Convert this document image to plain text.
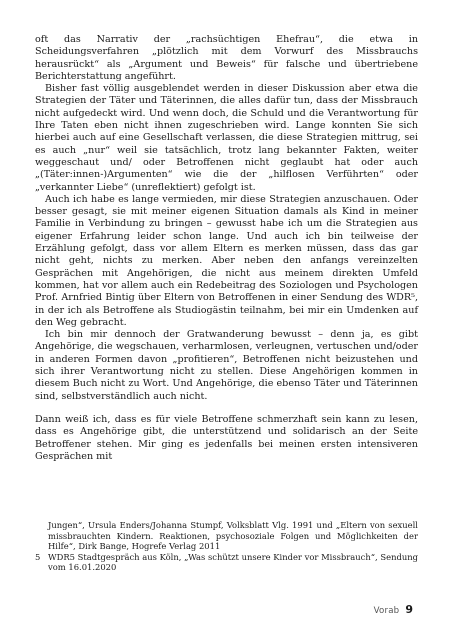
oft das Narrativ der „rachsüchtigen Ehefrau“, die etwa in Scheidungsverfahren „plötzlich mit dem Vorwurf des Missbrauchs herausrückt“ als „Argument und Beweis“ für falsche und übertriebene Berichterstattung angeführt.

Bisher fast völlig ausgeblendet werden in dieser Diskussion aber etwa die Strategien der Täter und Täterinnen, die alles dafür tun, dass der Missbrauch nicht aufgedeckt wird. Und wenn doch, die Schuld und die Verantwortung für Ihre Taten eben nicht ihnen zugeschrieben wird. Lange konnten Sie sich hierbei auch auf eine Gesellschaft verlassen, die diese Strategien mittrug, sei es auch „nur“ weil sie tatsächlich, trotz lang bekannter Fakten, weiter weggeschaut und/ oder Betroffenen nicht geglaubt hat oder auch „(Täter:innen-)Argumenten“ wie die der „hilflosen Verführten“ oder „verkannter Liebe“ (unreflektiert) gefolgt ist.

Auch ich habe es lange vermieden, mir diese Strategien anzuschauen. Oder besser gesagt, sie mit meiner eigenen Situation damals als Kind in meiner Familie in Verbindung zu bringen – gewusst habe ich um die Strategien aus eigener Erfahrung leider schon lange. Und auch ich bin teilweise der Erzählung gefolgt, dass vor allem Eltern es merken müssen, dass das gar nicht geht, nichts zu merken. Aber neben den anfangs vereinzelten Gesprächen mit Angehörigen, die nicht aus meinem direkten Umfeld kommen, hat vor allem auch ein Redebeitrag des Soziologen und Psychologen Prof. Arnfried Bintig über Eltern von Betroffenen in einer Sendung des WDR⁵, in der ich als Betroffene als Studiogästin teilnahm, bei mir ein Umdenken auf den Weg gebracht.

Ich bin mir dennoch der Gratwanderung bewusst – denn ja, es gibt Angehörige, die wegschauen, verharmlosen, verleugnen, vertuschen und/oder in anderen Formen davon „profitieren“, Betroffenen nicht beizustehen und sich ihrer Verantwortung nicht zu stellen. Diese Angehörigen kommen in diesem Buch nicht zu Wort. Und Angehörige, die ebenso Täter und Täterinnen sind, selbstverständlich auch nicht.

Dann weiß ich, dass es für viele Betroffene schmerzhaft sein kann zu lesen, dass es Angehörige gibt, die unterstützend und solidarisch an der Seite Betroffener stehen. Mir ging es jedenfalls bei meinen ersten intensiveren Gesprächen mit

Jungen“, Ursula Enders/Johanna Stumpf, Volksblatt Vlg. 1991 und „Eltern von sexuell missbrauchten Kindern. Reaktionen, psychosoziale Folgen und Möglichkeiten der Hilfe“, Dirk Bange, Hogrefe Verlag 2011

5 WDR5 Stadtgespräch aus Köln, „Was schützt unsere Kinder vor Missbrauch“, Sendung vom 16.01.2020
Vorab 9
